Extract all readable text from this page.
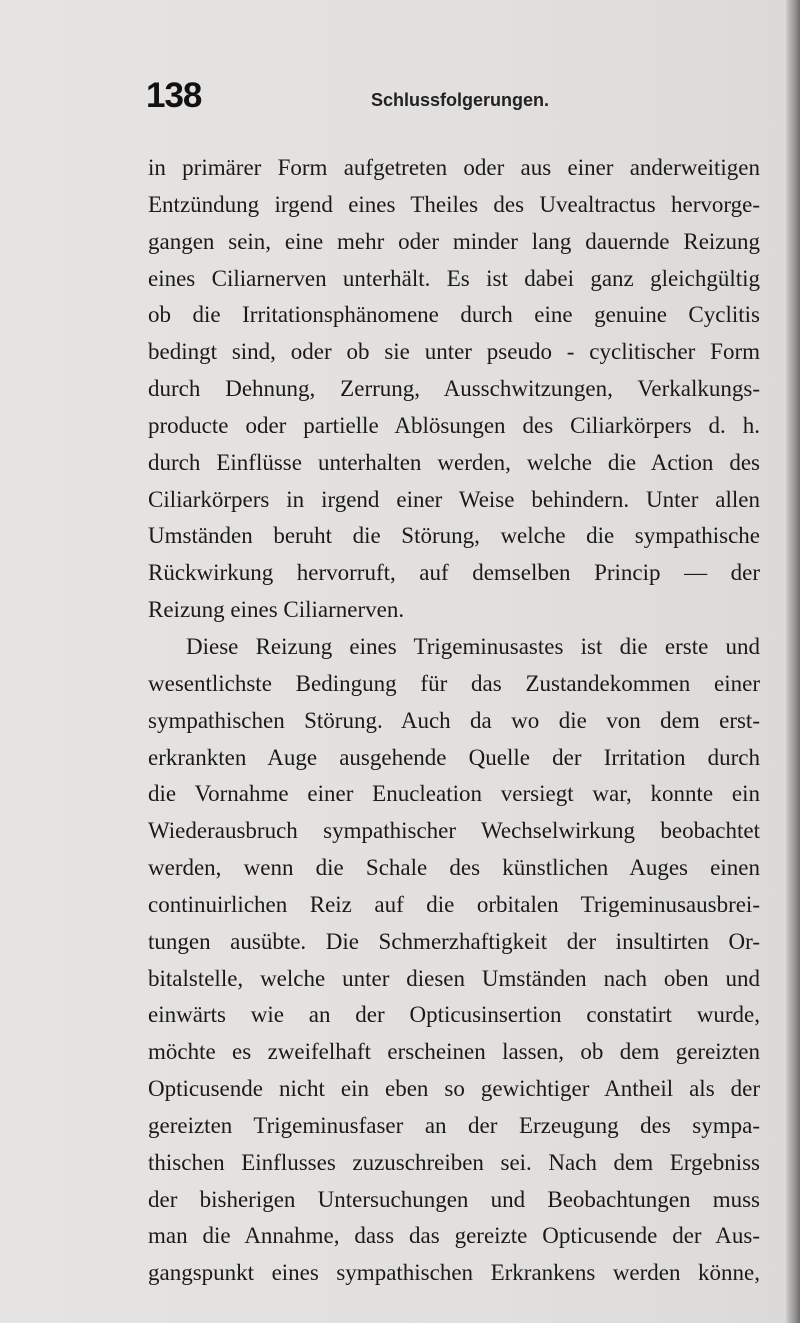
138	Schlussfolgerungen.
in primärer Form aufgetreten oder aus einer anderweitigen
Entzündung irgend eines Theiles des Uvealtractus hervorge-
gangen sein, eine mehr oder minder lang dauernde Reizung
eines Ciliarnerven unterhält. Es ist dabei ganz gleichgültig
ob die Irritationsphänomene durch eine genuine Cyclitis
bedingt sind, oder ob sie unter pseudo - cyclitischer Form
durch Dehnung, Zerrung, Ausschwitzungen, Verkalkungs-
producte oder partielle Ablösungen des Ciliarkörpers d. h.
durch Einflüsse unterhalten werden, welche die Action des
Ciliarkörpers in irgend einer Weise behindern. Unter allen
Umständen beruht die Störung, welche die sympathische
Rückwirkung hervorruft, auf demselben Princip — der
Reizung eines Ciliarnerven.
Diese Reizung eines Trigeminusastes ist die erste und
wesentlichste Bedingung für das Zustandekommen einer
sympathischen Störung. Auch da wo die von dem erst-
erkrankten Auge ausgehende Quelle der Irritation durch
die Vornahme einer Enucleation versiegt war, konnte ein
Wiederausbruch sympathischer Wechselwirkung beobachtet
werden, wenn die Schale des künstlichen Auges einen
continuirlichen Reiz auf die orbitalen Trigeminusausbrei-
tungen ausübte. Die Schmerzhaftigkeit der insultirten Or-
bitalstelle, welche unter diesen Umständen nach oben und
einwärts wie an der Opticusinsertion constatirt wurde,
möchte es zweifelhaft erscheinen lassen, ob dem gereizten
Opticusende nicht ein eben so gewichtiger Antheil als der
gereizten Trigeminusfaser an der Erzeugung des sympa-
thischen Einflusses zuzuschreiben sei. Nach dem Ergebniss
der bisherigen Untersuchungen und Beobachtungen muss
man die Annahme, dass das gereizte Opticusende der Aus-
gangspunkt eines sympathischen Erkrankens werden könne,
